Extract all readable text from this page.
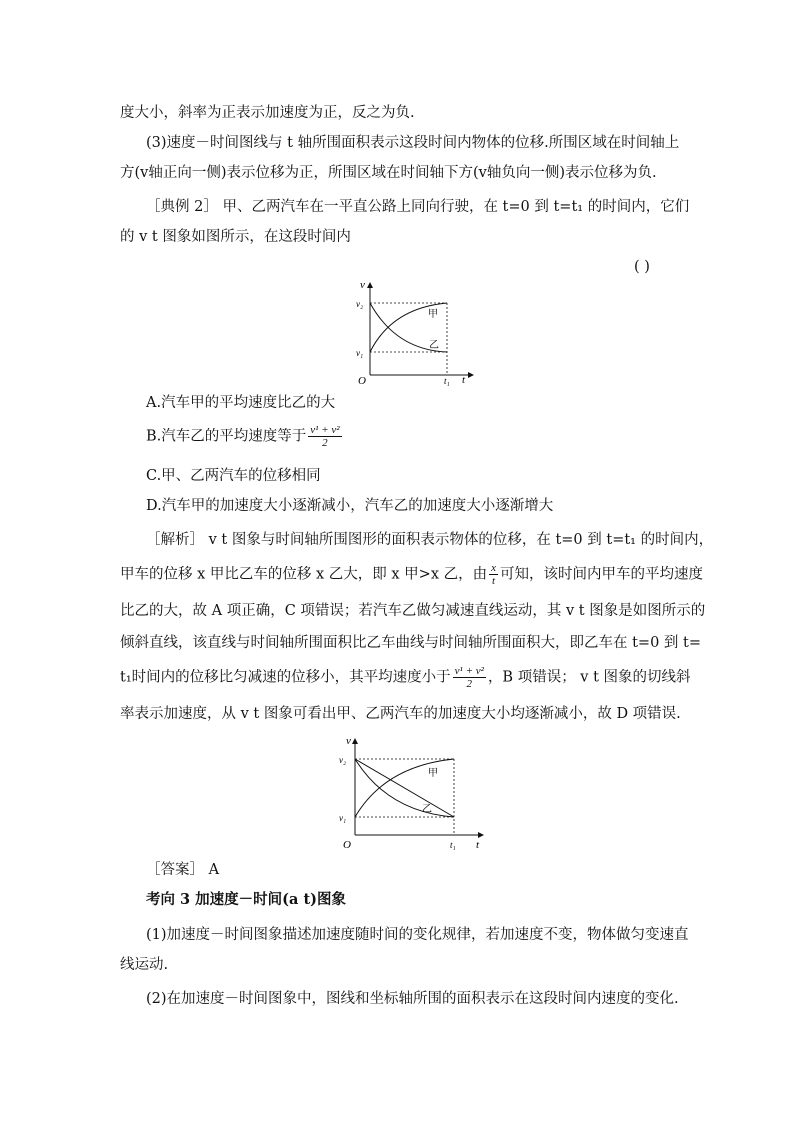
度大小，斜率为正表示加速度为正，反之为负.
(3)速度－时间图线与 t 轴所围面积表示这段时间内物体的位移.所围区域在时间轴上
方(v轴正向一侧)表示位移为正，所围区域在时间轴下方(v轴负向一侧)表示位移为负.
［典例 2］ 甲、乙两汽车在一平直公路上同向行驶，在 t=0 到 t=t₁ 的时间内，它们
的 v t 图象如图所示，在这段时间内
( )
v
t
O
v₂
v₁
t₁
甲
乙
A.汽车甲的平均速度比乙的大
B.汽车乙的平均速度等于 $\frac{\text{v¹ + v²}}{2}$
C.甲、乙两汽车的位移相同
D.汽车甲的加速度大小逐渐减小，汽车乙的加速度大小逐渐增大
［解析］ v t 图象与时间轴所围图形的面积表示物体的位移，在 t=0 到 t=t₁ 的时间内，
甲车的位移 x 甲比乙车的位移 x 乙大，即 x 甲>x 乙，由 $\frac{x}{t}$ 可知，该时间内甲车的平均速度
比乙的大，故 A 项正确，C 项错误；若汽车乙做匀减速直线运动，其 v t 图象是如图所示的
倾斜直线，该直线与时间轴所围面积比乙车曲线与时间轴所围面积大，即乙车在 t=0 到 t=
t₁时间内的位移比匀减速的位移小，其平均速度小于 $\frac{\text{v¹ + v²}}{2}$ ，B 项错误； v t 图象的切线斜
率表示加速度，从 v t 图象可看出甲、乙两汽车的加速度大小均逐渐减小，故 D 项错误.
v
t
O
v₂
v₁
t₁
甲
乙
［答案］ A
考向 3 加速度－时间(a t)图象
(1)加速度－时间图象描述加速度随时间的变化规律，若加速度不变，物体做匀变速直
线运动.
(2)在加速度－时间图象中，图线和坐标轴所围的面积表示在这段时间内速度的变化.
